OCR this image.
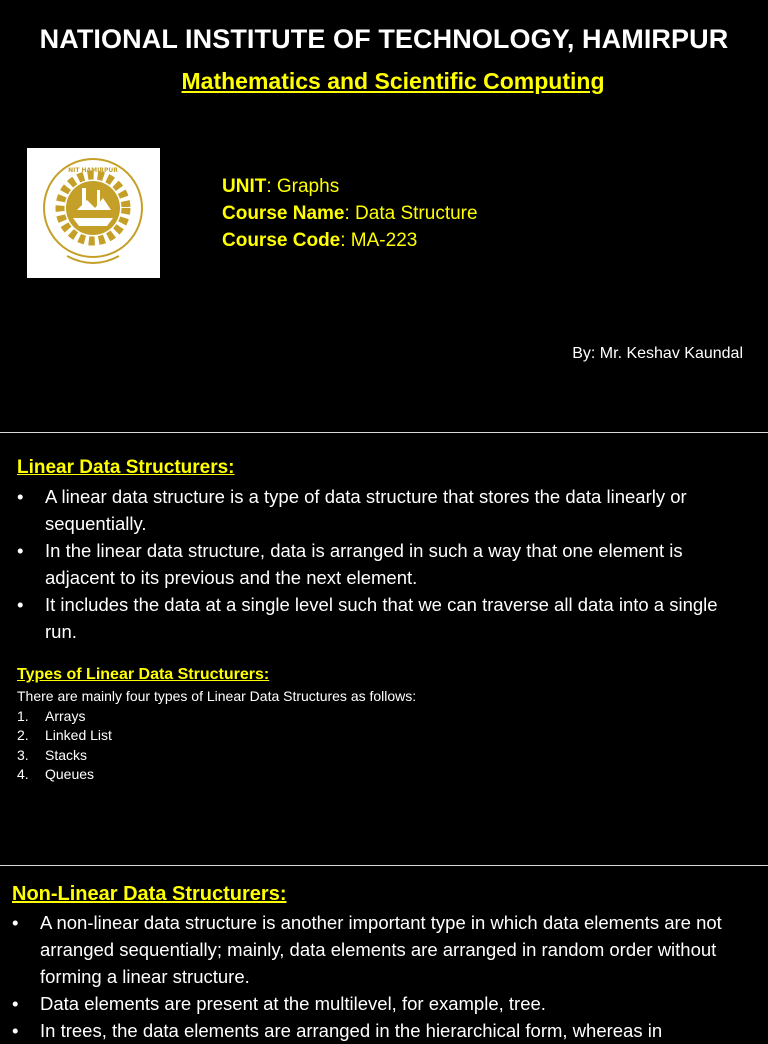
NATIONAL INSTITUTE OF TECHNOLOGY, HAMIRPUR
Mathematics and Scientific Computing
NIT HAMIRPUR
UNIT: Graphs
Course Name: Data Structure
Course Code: MA-223
By: Mr. Keshav Kaundal
Linear Data Structurers:
• A linear data structure is a type of data structure that stores the data linearly or sequentially.
• In the linear data structure, data is arranged in such a way that one element is adjacent to its previous and the next element.
• It includes the data at a single level such that we can traverse all data into a single run.
Types of Linear Data Structurers:
There are mainly four types of Linear Data Structures as follows:
1. Arrays
2. Linked List
3. Stacks
4. Queues
Non-Linear Data Structurers:
• A non-linear data structure is another important type in which data elements are not arranged sequentially; mainly, data elements are arranged in random order without forming a linear structure.
• Data elements are present at the multilevel, for example, tree.
• In trees, the data elements are arranged in the hierarchical form, whereas in
